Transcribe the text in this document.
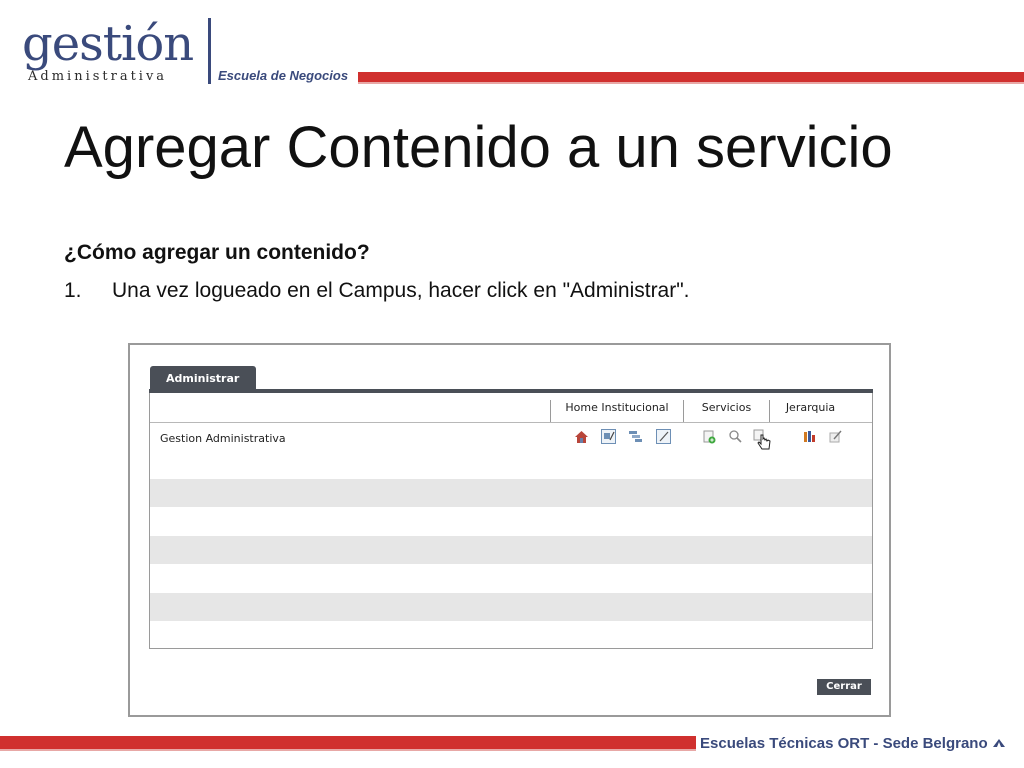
gestión
Administrativa	Escuela de Negocios
Agregar Contenido a un servicio
¿Cómo agregar un contenido?
1. Una vez logueado en el Campus, hacer click en "Administrar".
Administrar
Home Institucional	Servicios	Jerarquia
Gestion Administrativa
Cerrar
Escuelas Técnicas ORT - Sede Belgrano
